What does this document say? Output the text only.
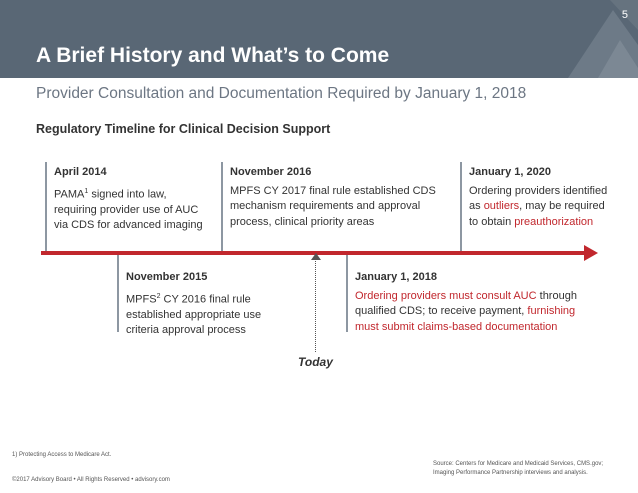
A Brief History and What’s to Come
5
Provider Consultation and Documentation Required by January 1, 2018
Regulatory Timeline for Clinical Decision Support
April 2014
PAMA$^1$ signed into law,
requiring provider use of AUC
via CDS for advanced imaging
November 2016
MPFS CY 2017 final rule established CDS
mechanism requirements and approval
process, clinical priority areas
January 1, 2020
Ordering providers identified
as outliers, may be required
to obtain preauthorization
November 2015
MPFS$^2$ CY 2016 final rule
established appropriate use
criteria approval process
January 1, 2018
Ordering providers must consult AUC through
qualified CDS; to receive payment, furnishing
must submit claims-based documentation
Today
1) Protecting Access to Medicare Act.
©2017 Advisory Board • All Rights Reserved • advisory.com
Source: Centers for Medicare and Medicaid Services, CMS.gov;
Imaging Performance Partnership interviews and analysis.
